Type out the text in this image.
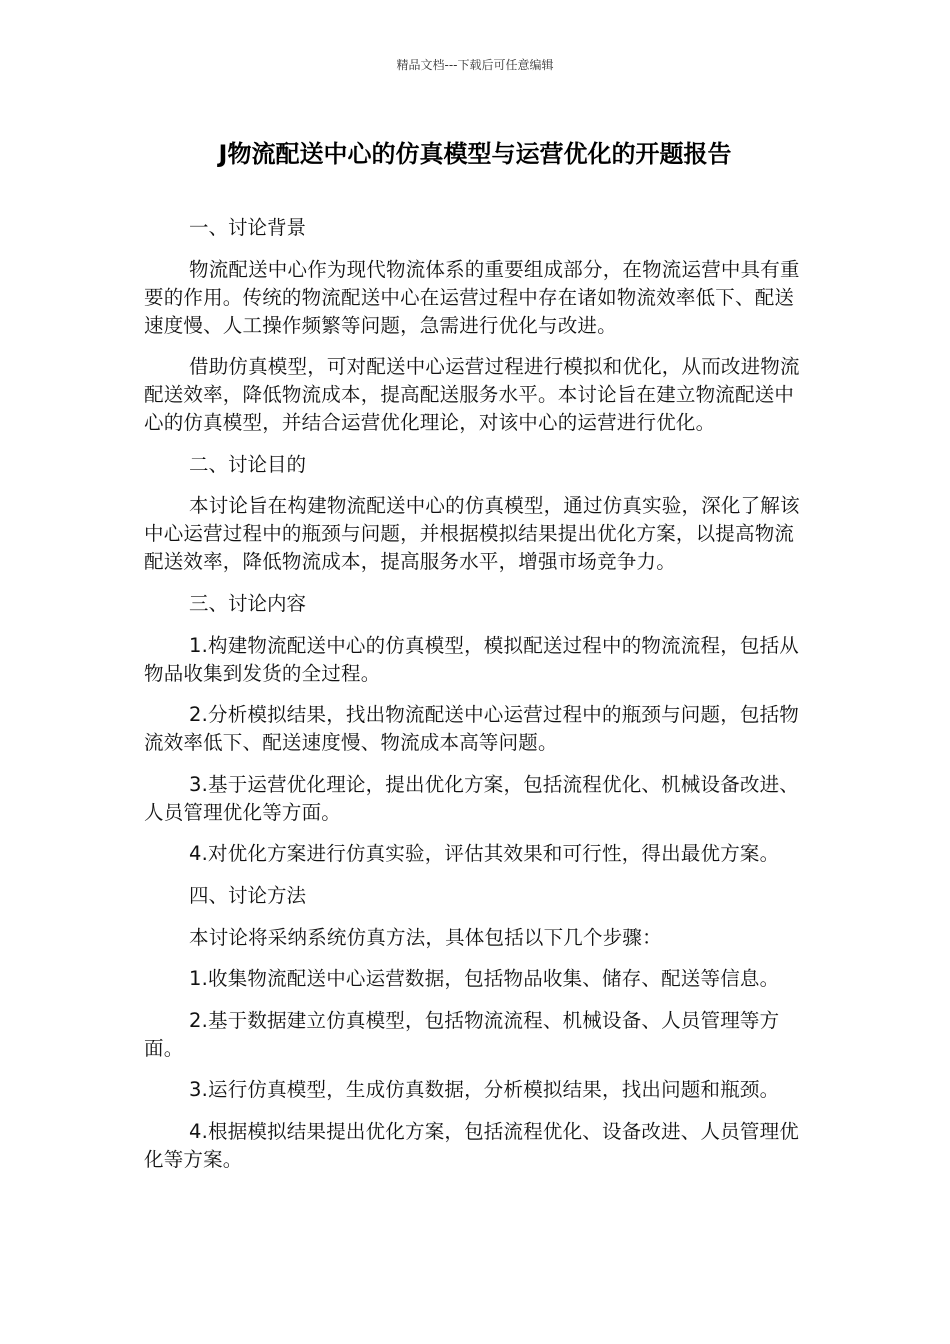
精品文档---下载后可任意编辑
J物流配送中心的仿真模型与运营优化的开题报告

一、讨论背景

物流配送中心作为现代物流体系的重要组成部分，在物流运营中具有重要的作用。传统的物流配送中心在运营过程中存在诸如物流效率低下、配送速度慢、人工操作频繁等问题，急需进行优化与改进。

借助仿真模型，可对配送中心运营过程进行模拟和优化，从而改进物流配送效率，降低物流成本，提高配送服务水平。本讨论旨在建立物流配送中心的仿真模型，并结合运营优化理论，对该中心的运营进行优化。

二、讨论目的

本讨论旨在构建物流配送中心的仿真模型，通过仿真实验，深化了解该中心运营过程中的瓶颈与问题，并根据模拟结果提出优化方案，以提高物流配送效率，降低物流成本，提高服务水平，增强市场竞争力。

三、讨论内容

1.构建物流配送中心的仿真模型，模拟配送过程中的物流流程，包括从物品收集到发货的全过程。

2.分析模拟结果，找出物流配送中心运营过程中的瓶颈与问题，包括物流效率低下、配送速度慢、物流成本高等问题。

3.基于运营优化理论，提出优化方案，包括流程优化、机械设备改进、人员管理优化等方面。

4.对优化方案进行仿真实验，评估其效果和可行性，得出最优方案。

四、讨论方法

本讨论将采纳系统仿真方法，具体包括以下几个步骤：

1.收集物流配送中心运营数据，包括物品收集、储存、配送等信息。

2.基于数据建立仿真模型，包括物流流程、机械设备、人员管理等方面。

3.运行仿真模型，生成仿真数据，分析模拟结果，找出问题和瓶颈。

4.根据模拟结果提出优化方案，包括流程优化、设备改进、人员管理优化等方案。
